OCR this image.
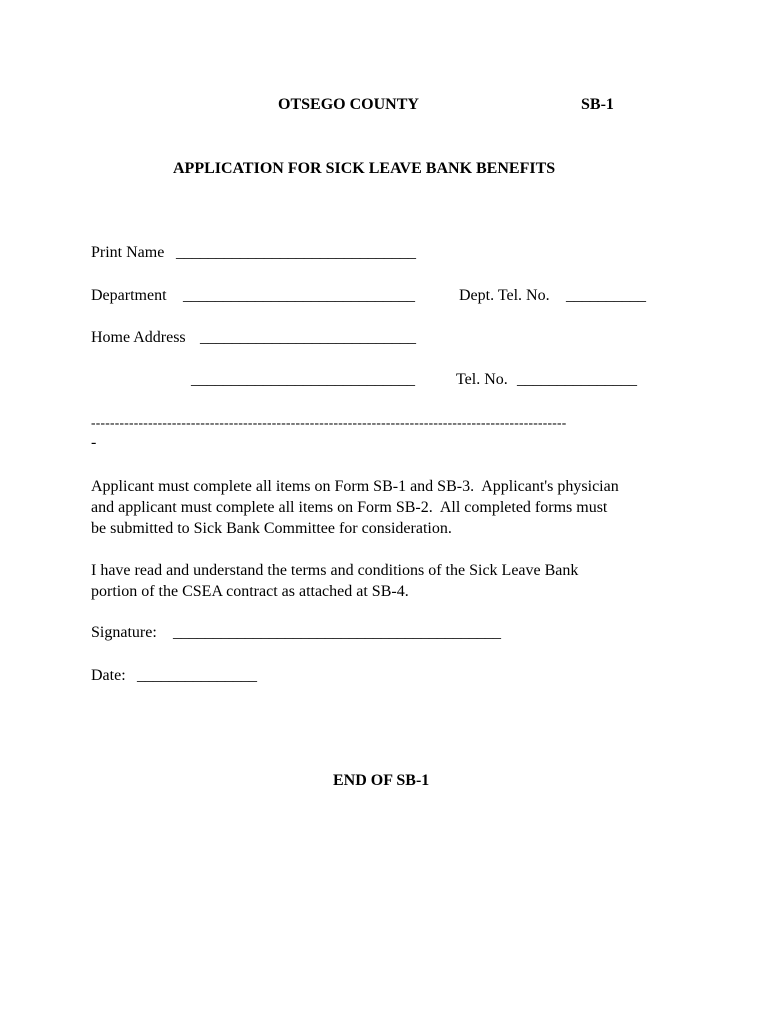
OTSEGO COUNTY	SB-1
APPLICATION FOR SICK LEAVE BANK BENEFITS
Print Name ______________________________
Department _____________________________	Dept. Tel. No. __________
Home Address ___________________________
____________________________	Tel. No. _______________
----------------------------------------------------------------------------------------------------
-
Applicant must complete all items on Form SB-1 and SB-3.  Applicant's physician
and applicant must complete all items on Form SB-2.  All completed forms must
be submitted to Sick Bank Committee for consideration.
I have read and understand the terms and conditions of the Sick Leave Bank
portion of the CSEA contract as attached at SB-4.
Signature: _________________________________________
Date: _______________
END OF SB-1
